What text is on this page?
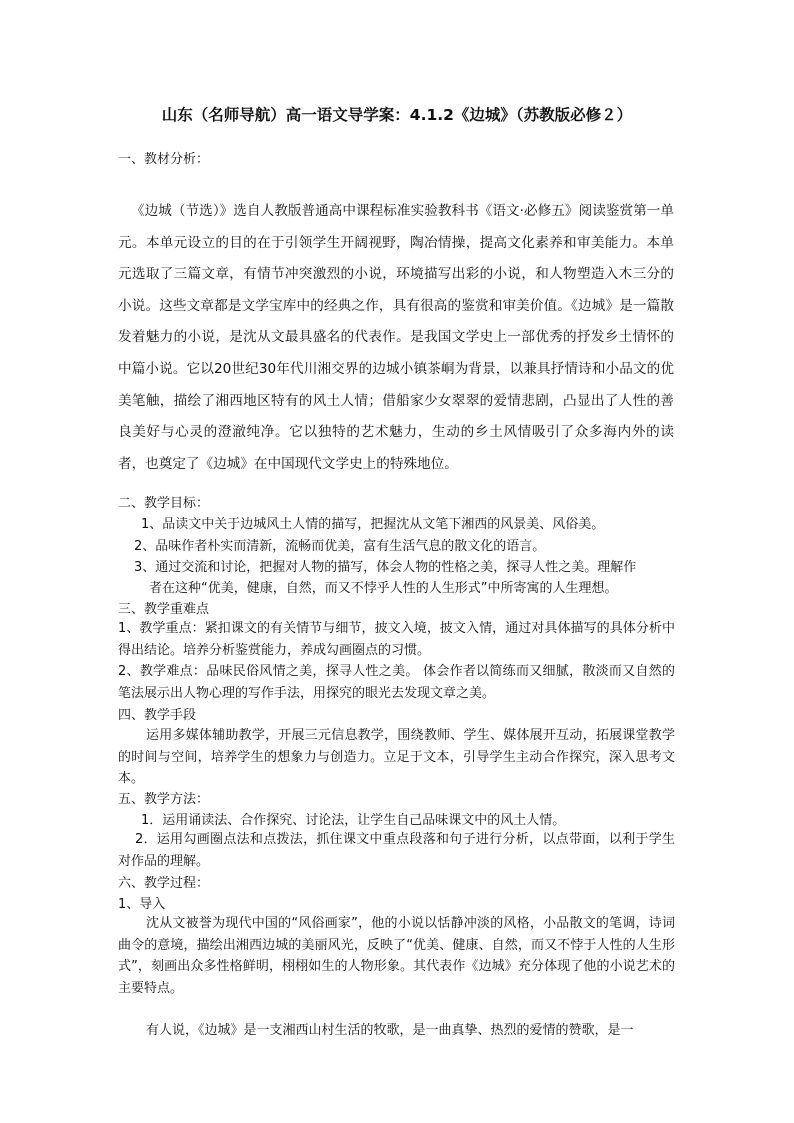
山东（名师导航）高一语文导学案：4.1.2《边城》（苏教版必修２）
一、教材分析：

《边城（节选）》选自人教版普通高中课程标准实验教科书《语文·必修五》阅读鉴赏第一单元。本单元设立的目的在于引领学生开阔视野，陶冶情操，提高文化素养和审美能力。本单元选取了三篇文章，有情节冲突激烈的小说，环境描写出彩的小说，和人物塑造入木三分的小说。这些文章都是文学宝库中的经典之作，具有很高的鉴赏和审美价值。《边城》是一篇散发着魅力的小说，是沈从文最具盛名的代表作。是我国文学史上一部优秀的抒发乡土情怀的中篇小说。它以20世纪30年代川湘交界的边城小镇茶峒为背景，以兼具抒情诗和小品文的优美笔触，描绘了湘西地区特有的风土人情；借船家少女翠翠的爱情悲剧，凸显出了人性的善良美好与心灵的澄澈纯净。它以独特的艺术魅力，生动的乡土风情吸引了众多海内外的读者，也奠定了《边城》在中国现代文学史上的特殊地位。

二、教学目标：
1、品读文中关于边城风土人情的描写，把握沈从文笔下湘西的风景美、风俗美。
2、品味作者朴实而清新，流畅而优美，富有生活气息的散文化的语言。
3、通过交流和讨论，把握对人物的描写，体会人物的性格之美，探寻人性之美。理解作
者在这种“优美，健康，自然，而又不悖乎人性的人生形式”中所寄寓的人生理想。
三、教学重难点

1、教学重点：紧扣课文的有关情节与细节，披文入境，披文入情，通过对具体描写的具体分析中得出结论。培养分析鉴赏能力，养成勾画圈点的习惯。

2、教学难点：品味民俗风情之美，探寻人性之美。 体会作者以简练而又细腻，散淡而又自然的笔法展示出人物心理的写作手法，用探究的眼光去发现文章之美。

四、教学手段

运用多媒体辅助教学，开展三元信息教学，围绕教师、学生、媒体展开互动，拓展课堂教学的时间与空间，培养学生的想象力与创造力。立足于文本，引导学生主动合作探究，深入思考文本。

五、教学方法：
1．运用诵读法、合作探究、讨论法，让学生自己品味课文中的风土人情。

2．运用勾画圈点法和点拨法，抓住课文中重点段落和句子进行分析，以点带面，以利于学生对作品的理解。

六、教学过程：
1、导入

沈从文被誉为现代中国的“风俗画家”，他的小说以恬静冲淡的风格，小品散文的笔调，诗词曲令的意境，描绘出湘西边城的美丽风光，反映了“优美、健康、自然，而又不悖于人性的人生形式”，刻画出众多性格鲜明，栩栩如生的人物形象。其代表作《边城》充分体现了他的小说艺术的主要特点。

有人说，《边城》是一支湘西山村生活的牧歌，是一曲真挚、热烈的爱情的赞歌，是一
